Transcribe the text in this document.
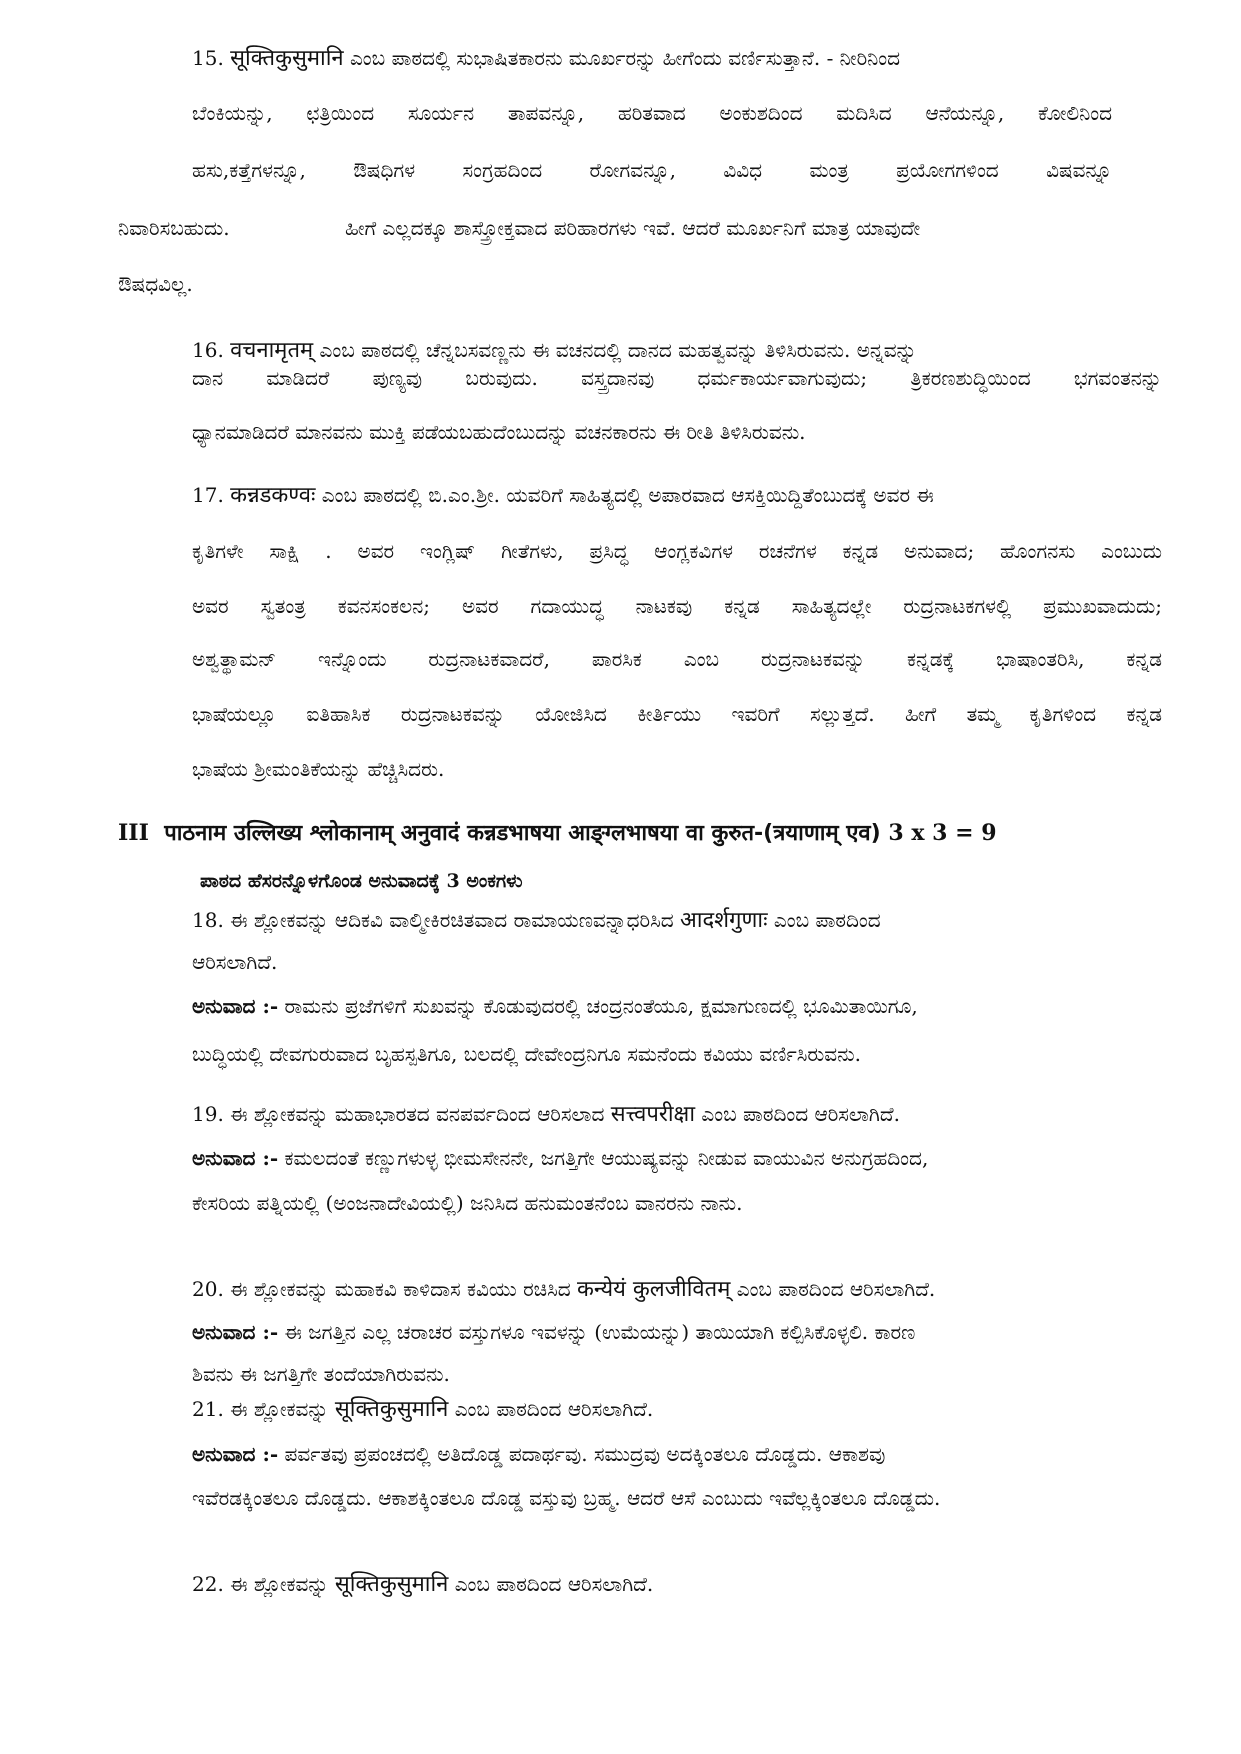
15. सूक्तिकुसुमानि ಎಂಬ ಪಾಠದಲ್ಲಿ ಸುಭಾಷಿತಕಾರನು ಮೂರ್ಖರನ್ನು ಹೀಗೆಂದು ವರ್ಣಿಸುತ್ತಾನೆ. - ನೀರಿನಿಂದ
ಬೆಂಕಿಯನ್ನು, ಛತ್ರಿಯಿಂದ ಸೂರ್ಯನ ತಾಪವನ್ನೂ, ಹರಿತವಾದ ಅಂಕುಶದಿಂದ ಮದಿಸಿದ ಆನೆಯನ್ನೂ, ಕೋಲಿನಿಂದ
ಹಸು,ಕತ್ತೆಗಳನ್ನೂ, ಔಷಧಿಗಳ ಸಂಗ್ರಹದಿಂದ ರೋಗವನ್ನೂ, ವಿವಿಧ ಮಂತ್ರ ಪ್ರಯೋಗಗಳಿಂದ ವಿಷವನ್ನೂ
ನಿವಾರಿಸಬಹುದು.	ಹೀಗೆ ಎಲ್ಲದಕ್ಕೂ ಶಾಸ್ತ್ರೋಕ್ತವಾದ ಪರಿಹಾರಗಳು ಇವೆ. ಆದರೆ ಮೂರ್ಖನಿಗೆ ಮಾತ್ರ ಯಾವುದೇ
ಔಷಧವಿಲ್ಲ.
16. वचनामृतम् ಎಂಬ ಪಾಠದಲ್ಲಿ ಚೆನ್ನಬಸವಣ್ಣನು ಈ ವಚನದಲ್ಲಿ ದಾನದ ಮಹತ್ವವನ್ನು ತಿಳಿಸಿರುವನು. ಅನ್ನವನ್ನು
ದಾನ ಮಾಡಿದರೆ ಪುಣ್ಯವು ಬರುವುದು. ವಸ್ತ್ರದಾನವು ಧರ್ಮಕಾರ್ಯವಾಗುವುದು; ತ್ರಿಕರಣಶುದ್ಧಿಯಿಂದ ಭಗವಂತನನ್ನು
ಧ್ಯಾನಮಾಡಿದರೆ ಮಾನವನು ಮುಕ್ತಿ ಪಡೆಯಬಹುದೆಂಬುದನ್ನು ವಚನಕಾರನು ಈ ರೀತಿ ತಿಳಿಸಿರುವನು.
17. कन्नडकण्वः ಎಂಬ ಪಾಠದಲ್ಲಿ ಬಿ.ಎಂ.ಶ್ರೀ. ಯವರಿಗೆ ಸಾಹಿತ್ಯದಲ್ಲಿ ಅಪಾರವಾದ ಆಸಕ್ತಿಯಿದ್ದಿತೆಂಬುದಕ್ಕೆ ಅವರ ಈ
ಕೃತಿಗಳೇ ಸಾಕ್ಷಿ . ಅವರ ಇಂಗ್ಲಿಷ್ ಗೀತೆಗಳು, ಪ್ರಸಿದ್ಧ ಆಂಗ್ಲಕವಿಗಳ ರಚನೆಗಳ ಕನ್ನಡ ಅನುವಾದ; ಹೊಂಗನಸು ಎಂಬುದು
ಅವರ ಸ್ವತಂತ್ರ ಕವನಸಂಕಲನ; ಅವರ ಗದಾಯುದ್ಧ ನಾಟಕವು ಕನ್ನಡ ಸಾಹಿತ್ಯದಲ್ಲೇ ರುದ್ರನಾಟಕಗಳಲ್ಲಿ ಪ್ರಮುಖವಾದುದು;
ಅಶ್ವತ್ಥಾಮನ್ ಇನ್ನೊಂದು ರುದ್ರನಾಟಕವಾದರೆ, ಪಾರಸಿಕ ಎಂಬ ರುದ್ರನಾಟಕವನ್ನು ಕನ್ನಡಕ್ಕೆ ಭಾಷಾಂತರಿಸಿ, ಕನ್ನಡ
ಭಾಷೆಯಲ್ಲೂ ಐತಿಹಾಸಿಕ ರುದ್ರನಾಟಕವನ್ನು ಯೋಜಿಸಿದ ಕೀರ್ತಿಯು ಇವರಿಗೆ ಸಲ್ಲುತ್ತದೆ. ಹೀಗೆ ತಮ್ಮ ಕೃತಿಗಳಿಂದ ಕನ್ನಡ
ಭಾಷೆಯ ಶ್ರೀಮಂತಿಕೆಯನ್ನು ಹೆಚ್ಚಿಸಿದರು.
III पाठनाम उल्लिख्य श्लोकानाम् अनुवादं कन्नडभाषया आङ्ग्लभाषया वा कुरुत-(त्रयाणाम् एव) 3 x 3 = 9
ಪಾಠದ ಹೆಸರನ್ನೊಳಗೊಂಡ ಅನುವಾದಕ್ಕೆ 3 ಅಂಕಗಳು
18. ಈ ಶ್ಲೋಕವನ್ನು ಆದಿಕವಿ ವಾಲ್ಮೀಕಿರಚಿತವಾದ ರಾಮಾಯಣವನ್ನಾಧರಿಸಿದ आदर्शगुणाः ಎಂಬ ಪಾಠದಿಂದ
ಆರಿಸಲಾಗಿದೆ.
ಅನುವಾದ :- ರಾಮನು ಪ್ರಜೆಗಳಿಗೆ ಸುಖವನ್ನು ಕೊಡುವುದರಲ್ಲಿ ಚಂದ್ರನಂತೆಯೂ, ಕ್ಷಮಾಗುಣದಲ್ಲಿ ಭೂಮಿತಾಯಿಗೂ,
ಬುದ್ಧಿಯಲ್ಲಿ ದೇವಗುರುವಾದ ಬೃಹಸ್ಪತಿಗೂ, ಬಲದಲ್ಲಿ ದೇವೇಂದ್ರನಿಗೂ ಸಮನೆಂದು ಕವಿಯು ವರ್ಣಿಸಿರುವನು.
19. ಈ ಶ್ಲೋಕವನ್ನು ಮಹಾಭಾರತದ ವನಪರ್ವದಿಂದ ಆರಿಸಲಾದ सत्त्वपरीक्षा ಎಂಬ ಪಾಠದಿಂದ ಆರಿಸಲಾಗಿದೆ.
ಅನುವಾದ :- ಕಮಲದಂತೆ ಕಣ್ಣುಗಳುಳ್ಳ ಭೀಮಸೇನನೇ, ಜಗತ್ತಿಗೇ ಆಯುಷ್ಯವನ್ನು ನೀಡುವ ವಾಯುವಿನ ಅನುಗ್ರಹದಿಂದ,
ಕೇಸರಿಯ ಪತ್ನಿಯಲ್ಲಿ (ಅಂಜನಾದೇವಿಯಲ್ಲಿ) ಜನಿಸಿದ ಹನುಮಂತನೆಂಬ ವಾನರನು ನಾನು.
20. ಈ ಶ್ಲೋಕವನ್ನು ಮಹಾಕವಿ ಕಾಳಿದಾಸ ಕವಿಯು ರಚಿಸಿದ कन्येयं कुलजीवितम् ಎಂಬ ಪಾಠದಿಂದ ಆರಿಸಲಾಗಿದೆ.
ಅನುವಾದ :- ಈ ಜಗತ್ತಿನ ಎಲ್ಲ ಚರಾಚರ ವಸ್ತುಗಳೂ ಇವಳನ್ನು (ಉಮೆಯನ್ನು) ತಾಯಿಯಾಗಿ ಕಲ್ಪಿಸಿಕೊಳ್ಳಲಿ. ಕಾರಣ
ಶಿವನು ಈ ಜಗತ್ತಿಗೇ ತಂದೆಯಾಗಿರುವನು.
21. ಈ ಶ್ಲೋಕವನ್ನು सूक्तिकुसुमानि ಎಂಬ ಪಾಠದಿಂದ ಆರಿಸಲಾಗಿದೆ.
ಅನುವಾದ :- ಪರ್ವತವು ಪ್ರಪಂಚದಲ್ಲಿ ಅತಿದೊಡ್ಡ ಪದಾರ್ಥವು. ಸಮುದ್ರವು ಅದಕ್ಕಿಂತಲೂ ದೊಡ್ಡದು. ಆಕಾಶವು
ಇವೆರಡಕ್ಕಿಂತಲೂ ದೊಡ್ಡದು. ಆಕಾಶಕ್ಕಿಂತಲೂ ದೊಡ್ಡ ವಸ್ತುವು ಬ್ರಹ್ಮ. ಆದರೆ ಆಸೆ ಎಂಬುದು ಇವೆಲ್ಲಕ್ಕಿಂತಲೂ ದೊಡ್ಡದು.
22. ಈ ಶ್ಲೋಕವನ್ನು सूक्तिकुसुमानि ಎಂಬ ಪಾಠದಿಂದ ಆರಿಸಲಾಗಿದೆ.
